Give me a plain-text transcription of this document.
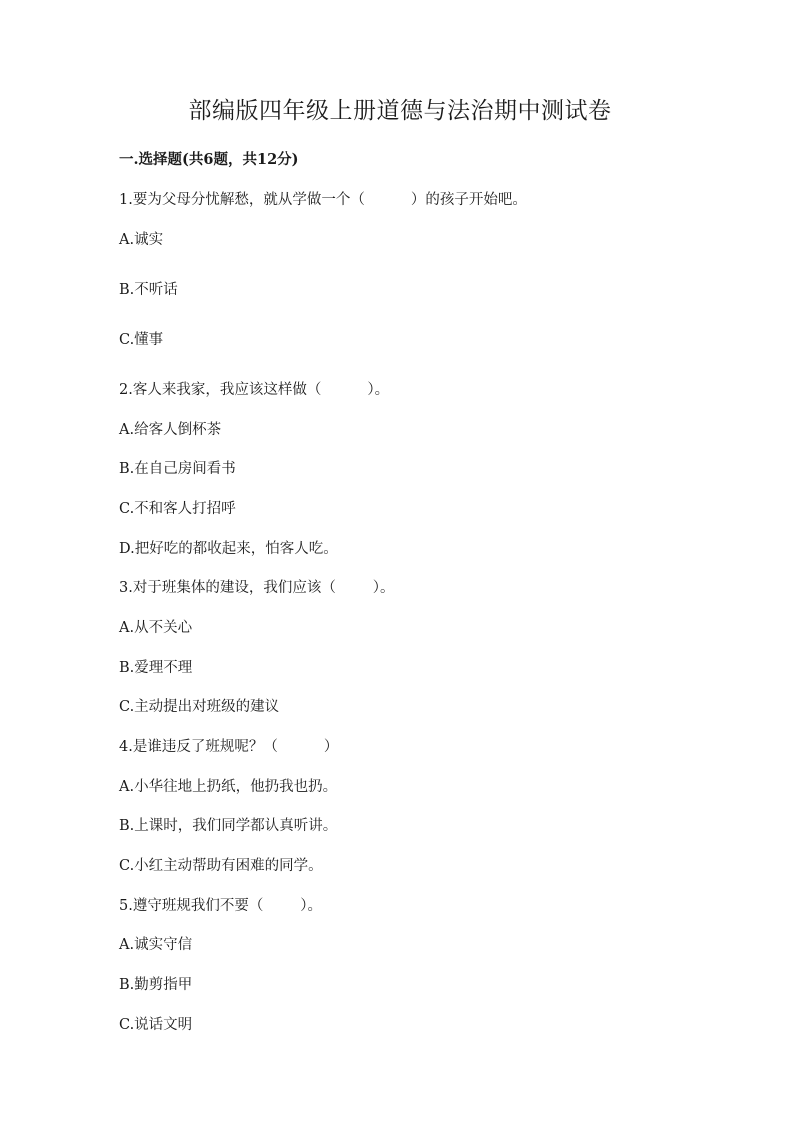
部编版四年级上册道德与法治期中测试卷
一.选择题(共6题，共12分)
1.要为父母分忧解愁，就从学做一个（          ）的孩子开始吧。
A.诚实
B.不听话
C.懂事
2.客人来我家，我应该这样做（          ）。
A.给客人倒杯茶
B.在自己房间看书
C.不和客人打招呼
D.把好吃的都收起来，怕客人吃。
3.对于班集体的建设，我们应该（        ）。
A.从不关心
B.爱理不理
C.主动提出对班级的建议
4.是谁违反了班规呢？（          ）
A.小华往地上扔纸，他扔我也扔。
B.上课时，我们同学都认真听讲。
C.小红主动帮助有困难的同学。
5.遵守班规我们不要（        ）。
A.诚实守信
B.勤剪指甲
C.说话文明
